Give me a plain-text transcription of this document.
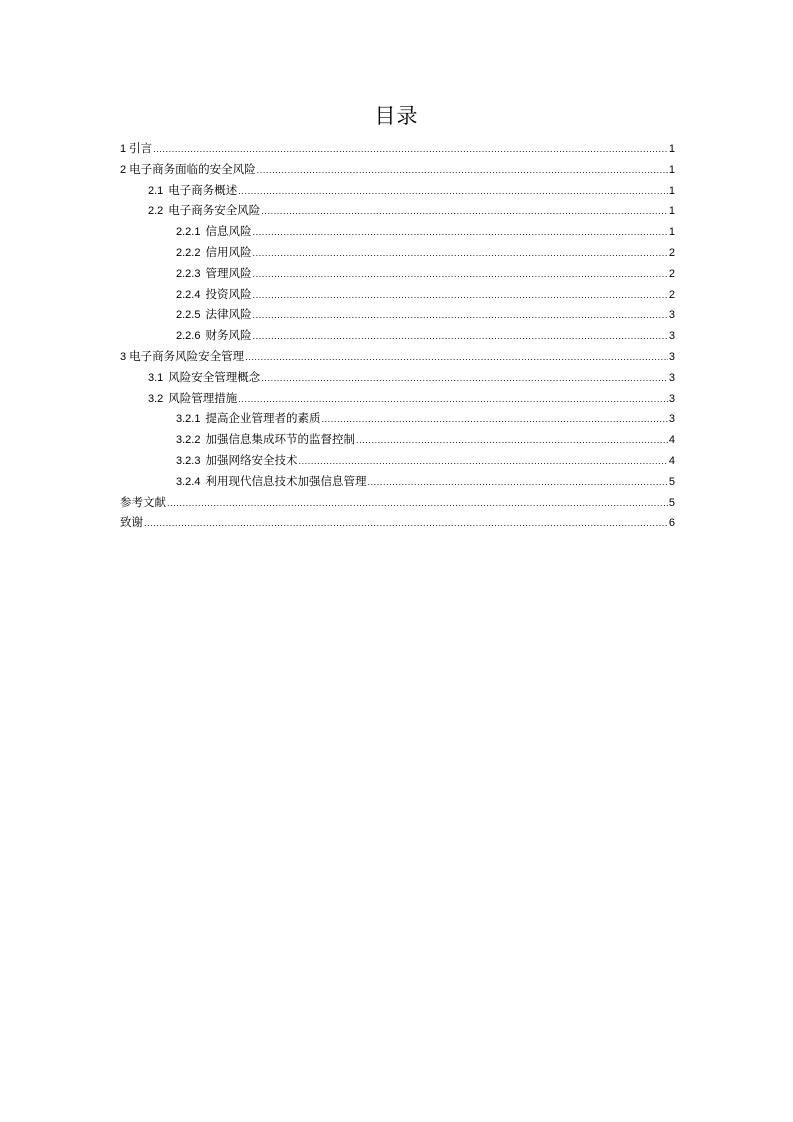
目录
1 引言 .....	1
2 电子商务面临的安全风险 .....	1
2.1 电子商务概述 .....	1
2.2 电子商务安全风险 .....	1
2.2.1 信息风险 .....	1
2.2.2 信用风险 .....	2
2.2.3 管理风险 .....	2
2.2.4 投资风险 .....	2
2.2.5 法律风险 .....	3
2.2.6 财务风险 .....	3
3 电子商务风险安全管理 .....	3
3.1 风险安全管理概念 .....	3
3.2 风险管理措施 .....	3
3.2.1 提高企业管理者的素质 .....	3
3.2.2 加强信息集成环节的监督控制 .....	4
3.2.3 加强网络安全技术 .....	4
3.2.4 利用现代信息技术加强信息管理 .....	5
参考文献 .....	5
致谢 .....	6
